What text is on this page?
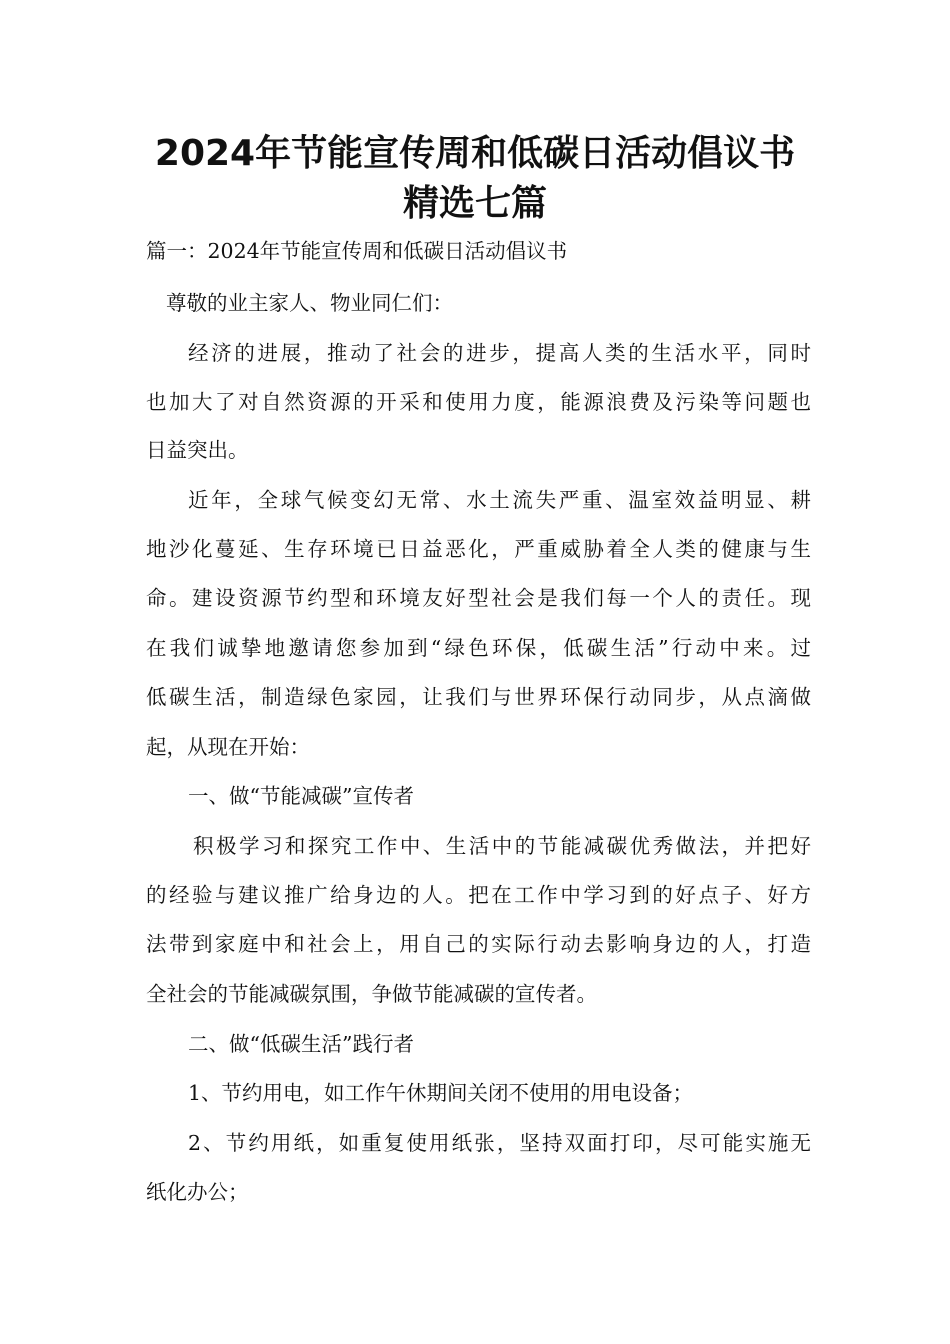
2024年节能宣传周和低碳日活动倡议书
精选七篇
篇一：2024年节能宣传周和低碳日活动倡议书
尊敬的业主家人、物业同仁们：
经济的进展，推动了社会的进步，提高人类的生活水平，同时
也加大了对自然资源的开采和使用力度，能源浪费及污染等问题也
日益突出。
近年，全球气候变幻无常、水土流失严重、温室效益明显、耕
地沙化蔓延、生存环境已日益恶化，严重威胁着全人类的健康与生
命。建设资源节约型和环境友好型社会是我们每一个人的责任。现
在我们诚挚地邀请您参加到“绿色环保，低碳生活”行动中来。过
低碳生活，制造绿色家园，让我们与世界环保行动同步，从点滴做
起，从现在开始：
一、做“节能减碳”宣传者
积极学习和探究工作中、生活中的节能减碳优秀做法，并把好
的经验与建议推广给身边的人。把在工作中学习到的好点子、好方
法带到家庭中和社会上，用自己的实际行动去影响身边的人，打造
全社会的节能减碳氛围，争做节能减碳的宣传者。
二、做“低碳生活”践行者
1、节约用电，如工作午休期间关闭不使用的用电设备；
2、节约用纸，如重复使用纸张，坚持双面打印，尽可能实施无
纸化办公；
